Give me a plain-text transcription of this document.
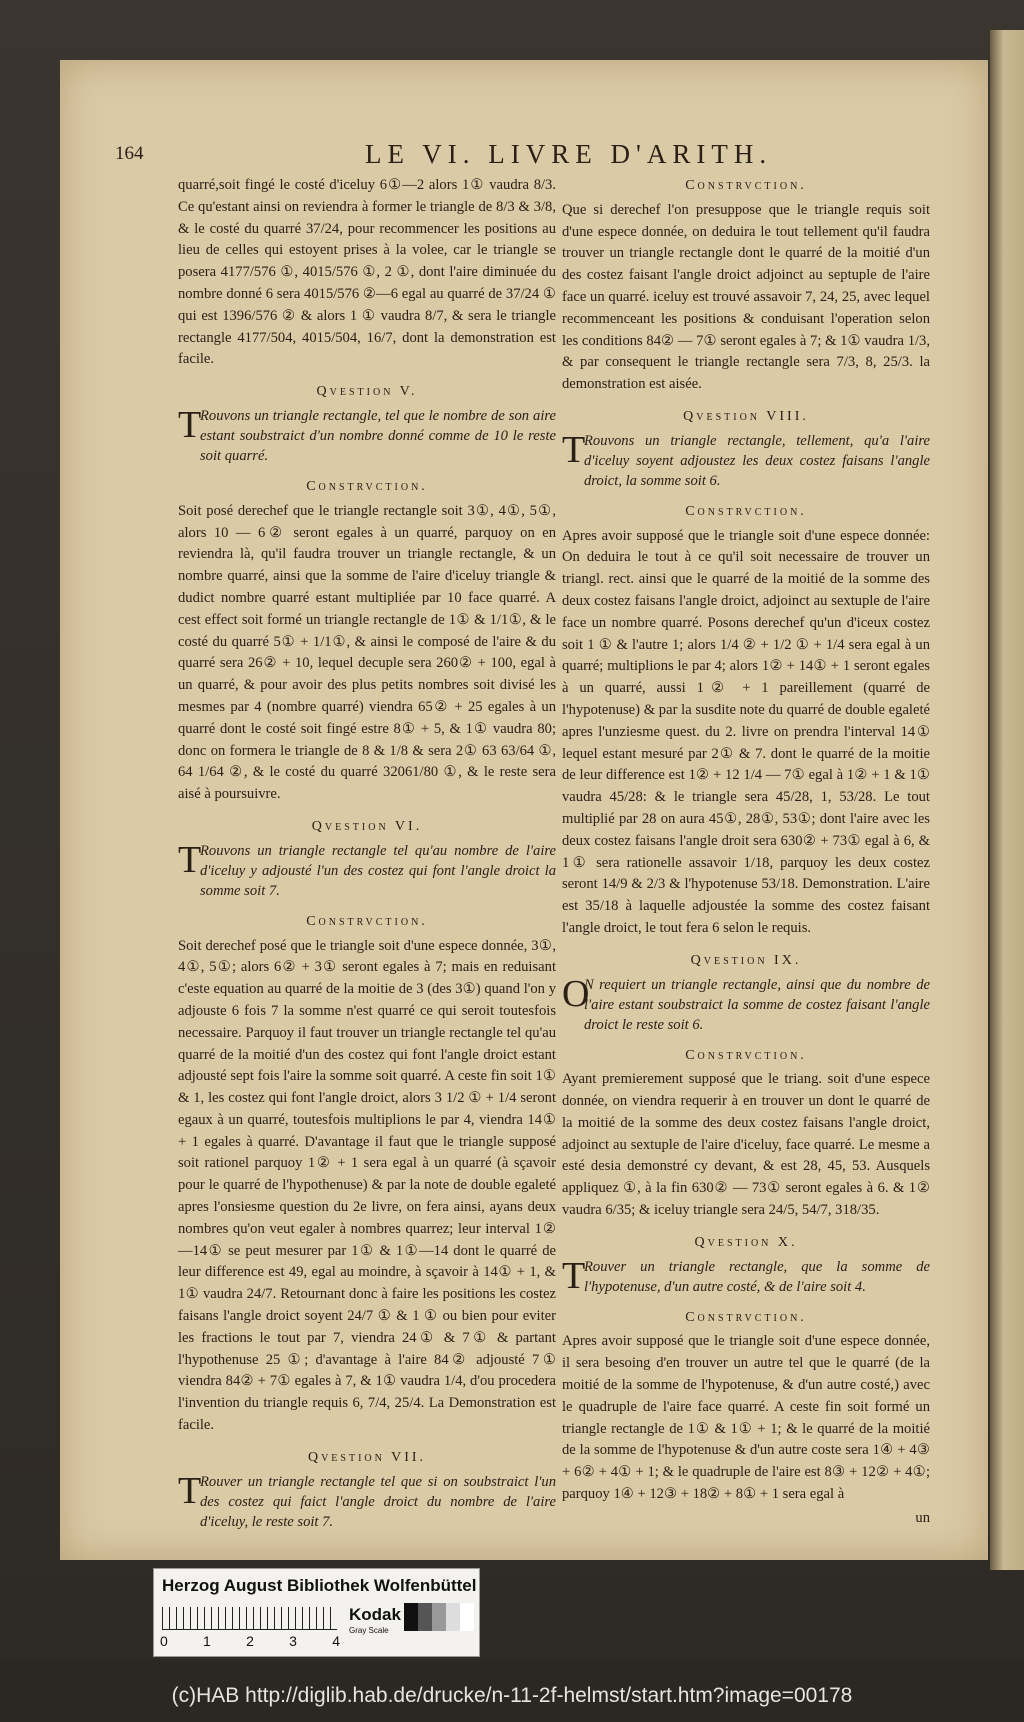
164	LE VI. LIVRE D'ARITH.

quarré,soit fingé le costé d'iceluy 6①—2 alors 1① vaudra 8/3. Ce qu'estant ainsi on reviendra à former le triangle de 8/3 & 3/8, & le costé du quarré 37/24, pour recommencer les positions au lieu de celles qui estoyent prises à la volee, car le triangle se posera 4177/576 ①, 4015/576 ①, 2 ①, dont l'aire diminuée du nombre donné 6 sera 4015/576 ②—6 egal au quarré de 37/24 ① qui est 1396/576 ② & alors 1 ① vaudra 8/7, & sera le triangle rectangle 4177/504, 4015/504, 16/7, dont la demonstration est facile.

Qvestion V.
T
Rouvons un triangle rectangle, tel que le nombre de son aire estant soubstraict d'un nombre donné comme de 10 le reste soit quarré.
Constrvction.

Soit posé derechef que le triangle rectangle soit 3①, 4①, 5①, alors 10 — 6② seront egales à un quarré, parquoy on en reviendra là, qu'il faudra trouver un triangle rectangle, & un nombre quarré, ainsi que la somme de l'aire d'iceluy triangle & dudict nombre quarré estant multipliée par 10 face quarré. A cest effect soit formé un triangle rectangle de 1① & 1/1①, & le costé du quarré 5① + 1/1①, & ainsi le composé de l'aire & du quarré sera 26② + 10, lequel decuple sera 260② + 100, egal à un quarré, & pour avoir des plus petits nombres soit divisé les mesmes par 4 (nombre quarré) viendra 65② + 25 egales à un quarré dont le costé soit fingé estre 8① + 5, & 1① vaudra 80; donc on formera le triangle de 8 & 1/8 & sera 2① 63 63/64 ①, 64 1/64 ②, & le costé du quarré 32061/80 ①, & le reste sera aisé à poursuivre.

Qvestion VI.
T
Rouvons un triangle rectangle tel qu'au nombre de l'aire d'iceluy y adjousté l'un des costez qui font l'angle droict la somme soit 7.
Constrvction.

Soit derechef posé que le triangle soit d'une espece donnée, 3①, 4①, 5①; alors 6② + 3① seront egales à 7; mais en reduisant c'este equation au quarré de la moitie de 3 (des 3①) quand l'on y adjouste 6 fois 7 la somme n'est quarré ce qui seroit toutesfois necessaire. Parquoy il faut trouver un triangle rectangle tel qu'au quarré de la moitié d'un des costez qui font l'angle droict estant adjousté sept fois l'aire la somme soit quarré. A ceste fin soit 1① & 1, les costez qui font l'angle droict, alors 3 1/2 ① + 1/4 seront egaux à un quarré, toutesfois multiplions le par 4, viendra 14① + 1 egales à quarré. D'avantage il faut que le triangle supposé soit rationel parquoy 1② + 1 sera egal à un quarré (à sçavoir pour le quarré de l'hypothenuse) & par la note de double egaleté apres l'onsiesme question du 2e livre, on fera ainsi, ayans deux nombres qu'on veut egaler à nombres quarrez; leur interval 1②—14① se peut mesurer par 1① & 1①—14 dont le quarré de leur difference est 49, egal au moindre, à sçavoir à 14① + 1, & 1① vaudra 24/7. Retournant donc à faire les positions les costez faisans l'angle droict soyent 24/7 ① & 1 ① ou bien pour eviter les fractions le tout par 7, viendra 24① & 7① & partant l'hypothenuse 25 ①; d'avantage à l'aire 84② adjousté 7① viendra 84② + 7① egales à 7, & 1① vaudra 1/4, d'ou procedera l'invention du triangle requis 6, 7/4, 25/4. La Demonstration est facile.

Qvestion VII.
T
Rouver un triangle rectangle tel que si on soubstraict l'un des costez qui faict l'angle droict du nombre de l'aire d'iceluy, le reste soit 7.
Constrvction.

Que si derechef l'on presuppose que le triangle requis soit d'une espece donnée, on deduira le tout tellement qu'il faudra trouver un triangle rectangle dont le quarré de la moitié d'un des costez faisant l'angle droict adjoinct au septuple de l'aire face un quarré. iceluy est trouvé assavoir 7, 24, 25, avec lequel recommenceant les positions & conduisant l'operation selon les conditions 84② — 7① seront egales à 7; & 1① vaudra 1/3, & par consequent le triangle rectangle sera 7/3, 8, 25/3. la demonstration est aisée.

Qvestion VIII.
T
Rouvons un triangle rectangle, tellement, qu'a l'aire d'iceluy soyent adjoustez les deux costez faisans l'angle droict, la somme soit 6.
Constrvction.

Apres avoir supposé que le triangle soit d'une espece donnée: On deduira le tout à ce qu'il soit necessaire de trouver un triangl. rect. ainsi que le quarré de la moitié de la somme des deux costez faisans l'angle droict, adjoinct au sextuple de l'aire face un nombre quarré. Posons derechef qu'un d'iceux costez soit 1 ① & l'autre 1; alors 1/4 ② + 1/2 ① + 1/4 sera egal à un quarré; multiplions le par 4; alors 1② + 14① + 1 seront egales à un quarré, aussi 1② + 1 pareillement (quarré de l'hypotenuse) & par la susdite note du quarré de double egaleté apres l'unziesme quest. du 2. livre on prendra l'interval 14① lequel estant mesuré par 2① & 7. dont le quarré de la moitie de leur difference est 1② + 12 1/4 — 7① egal à 1② + 1 & 1① vaudra 45/28: & le triangle sera 45/28, 1, 53/28. Le tout multiplié par 28 on aura 45①, 28①, 53①; dont l'aire avec les deux costez faisans l'angle droit sera 630② + 73① egal à 6, & 1① sera rationelle assavoir 1/18, parquoy les deux costez seront 14/9 & 2/3 & l'hypotenuse 53/18. Demonstration. L'aire est 35/18 à laquelle adjoustée la somme des costez faisant l'angle droict, le tout fera 6 selon le requis.

Qvestion IX.
O
N requiert un triangle rectangle, ainsi que du nombre de l'aire estant soubstraict la somme de costez faisant l'angle droict le reste soit 6.
Constrvction.

Ayant premierement supposé que le triang. soit d'une espece donnée, on viendra requerir à en trouver un dont le quarré de la moitié de la somme des deux costez faisans l'angle droict, adjoinct au sextuple de l'aire d'iceluy, face quarré. Le mesme a esté desia demonstré cy devant, & est 28, 45, 53. Ausquels appliquez ①, à la fin 630② — 73① seront egales à 6. & 1② vaudra 6/35; & iceluy triangle sera 24/5, 54/7, 318/35.

Qvestion X.
T
Rouver un triangle rectangle, que la somme de l'hypotenuse, d'un autre costé, & de l'aire soit 4.
Constrvction.

Apres avoir supposé que le triangle soit d'une espece donnée, il sera besoing d'en trouver un autre tel que le quarré (de la moitié de la somme de l'hypotenuse, & d'un autre costé,) avec le quadruple de l'aire face quarré. A ceste fin soit formé un triangle rectangle de 1① & 1① + 1; & le quarré de la moitié de la somme de l'hypotenuse & d'un autre coste sera 1④ + 4③ + 6② + 4① + 1; & le quadruple de l'aire est 8③ + 12② + 4①; parquoy 1④ + 12③ + 18② + 8① + 1 sera egal à

un

Herzog August Bibliothek Wolfenbüttel
0	1	2	3	4
Kodak
Gray Scale
(c)HAB http://diglib.hab.de/drucke/n-11-2f-helmst/start.htm?image=00178
